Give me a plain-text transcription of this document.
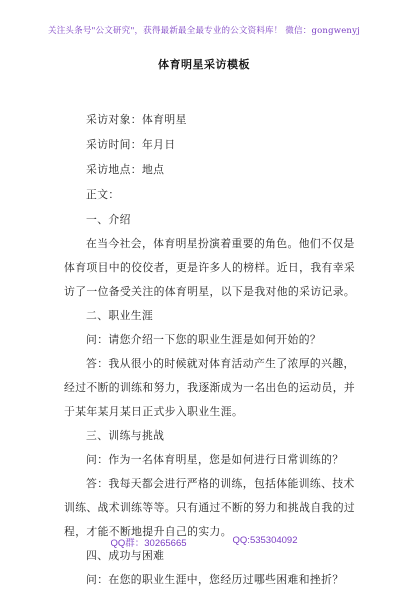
关注头条号"公文研究"，获得最新最全最专业的公文资料库！ 微信：gongwenyj
体育明星采访模板

采访对象：体育明星

采访时间：年月日

采访地点：地点

正文：

一、介绍

在当今社会，体育明星扮演着重要的角色。他们不仅是体育项目中的佼佼者，更是许多人的榜样。近日，我有幸采访了一位备受关注的体育明星，以下是我对他的采访记录。

二、职业生涯

问：请您介绍一下您的职业生涯是如何开始的？

答：我从很小的时候就对体育活动产生了浓厚的兴趣，经过不断的训练和努力，我逐渐成为一名出色的运动员，并于某年某月某日正式步入职业生涯。

三、训练与挑战

问：作为一名体育明星，您是如何进行日常训练的？

答：我每天都会进行严格的训练，包括体能训练、技术训练、战术训练等等。只有通过不断的努力和挑战自我的过程，才能不断地提升自己的实力。

四、成功与困难

问：在您的职业生涯中，您经历过哪些困难和挫折？

QQ群：30265665	QQ:535304092
